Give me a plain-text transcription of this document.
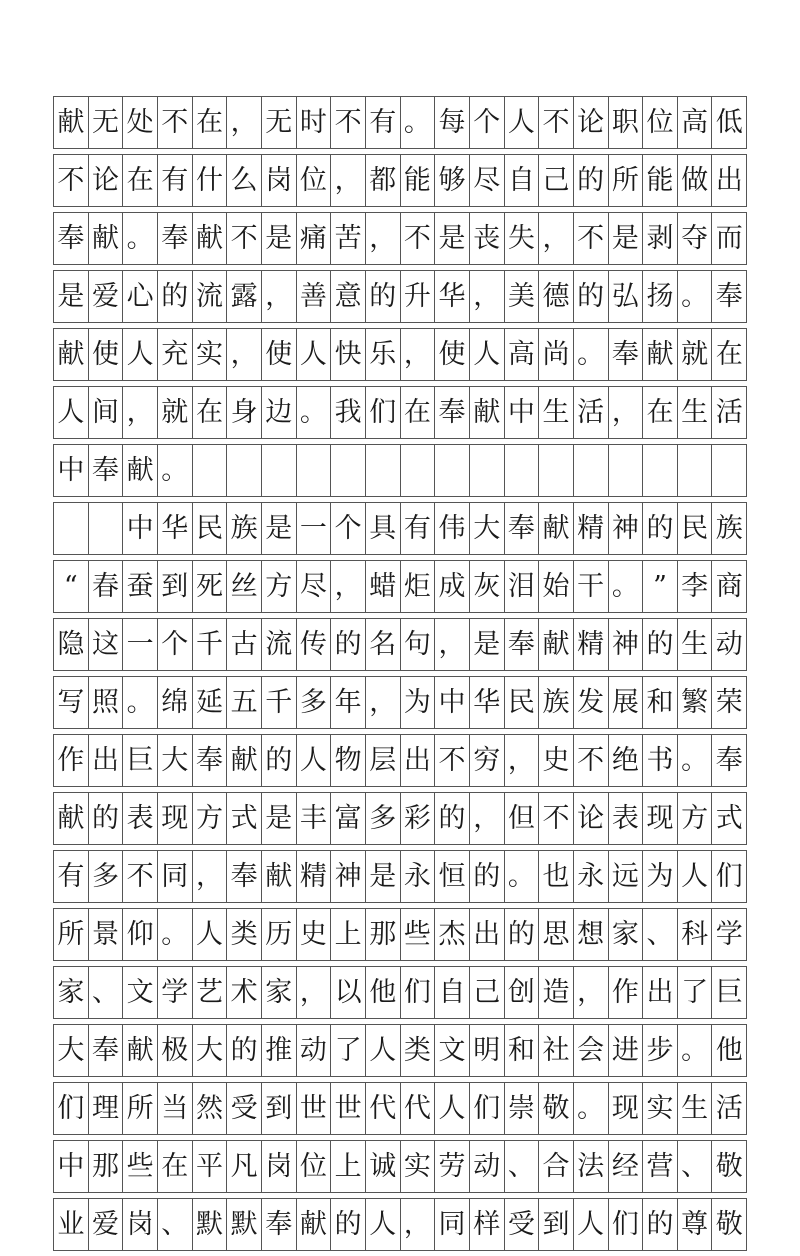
献 无 处 不 在 ， 无 时 不 有 。 每 个 人 不 论 职 位 高 低
不 论 在 有 什 么 岗 位 ， 都 能 够 尽 自 己 的 所 能 做 出
奉 献 。 奉 献 不 是 痛 苦 ， 不 是 丧 失 ， 不 是 剥 夺 而
是 爱 心 的 流 露 ， 善 意 的 升 华 ， 美 德 的 弘 扬 。 奉
献 使 人 充 实 ， 使 人 快 乐 ， 使 人 高 尚 。 奉 献 就 在
人 间 ， 就 在 身 边 。 我 们 在 奉 献 中 生 活 ， 在 生 活
中 奉 献 。
中 华 民 族 是 一 个 具 有 伟 大 奉 献 精 神 的 民 族
“ 春 蚕 到 死 丝 方 尽 ， 蜡 炬 成 灰 泪 始 干 。 ” 李 商
隐 这 一 个 千 古 流 传 的 名 句 ， 是 奉 献 精 神 的 生 动
写 照 。 绵 延 五 千 多 年 ， 为 中 华 民 族 发 展 和 繁 荣
作 出 巨 大 奉 献 的 人 物 层 出 不 穷 ， 史 不 绝 书 。 奉
献 的 表 现 方 式 是 丰 富 多 彩 的 ， 但 不 论 表 现 方 式
有 多 不 同 ， 奉 献 精 神 是 永 恒 的 。 也 永 远 为 人 们
所 景 仰 。 人 类 历 史 上 那 些 杰 出 的 思 想 家 、 科 学
家 、 文 学 艺 术 家 ， 以 他 们 自 己 创 造 ， 作 出 了 巨
大 奉 献 极 大 的 推 动 了 人 类 文 明 和 社 会 进 步 。 他
们 理 所 当 然 受 到 世 世 代 代 人 们 崇 敬 。 现 实 生 活
中 那 些 在 平 凡 岗 位 上 诚 实 劳 动 、 合 法 经 营 、 敬
业 爱 岗 、 默 默 奉 献 的 人 ， 同 样 受 到 人 们 的 尊 敬
